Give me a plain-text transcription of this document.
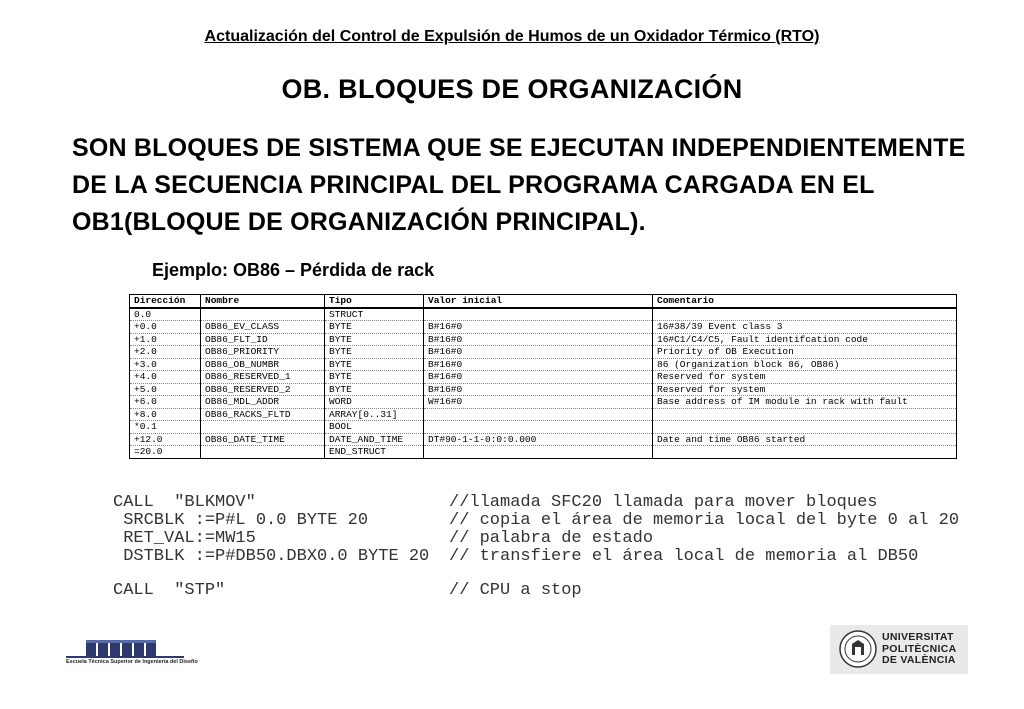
Actualización del Control de Expulsión de Humos de un Oxidador Térmico (RTO)
OB. BLOQUES DE ORGANIZACIÓN
SON BLOQUES DE SISTEMA QUE SE EJECUTAN INDEPENDIENTEMENTE
DE LA SECUENCIA PRINCIPAL DEL PROGRAMA CARGADA EN EL
OB1(BLOQUE DE ORGANIZACIÓN PRINCIPAL).
Ejemplo: OB86 – Pérdida de rack
Dirección	Nombre	Tipo	Valor inicial	Comentario
0.0		STRUCT		
+0.0	OB86_EV_CLASS	BYTE	B#16#0	16#38/39 Event class 3
+1.0	OB86_FLT_ID	BYTE	B#16#0	16#C1/C4/C5, Fault identifcation code
+2.0	OB86_PRIORITY	BYTE	B#16#0	Priority of OB Execution
+3.0	OB86_OB_NUMBR	BYTE	B#16#0	86 (Organization block 86, OB86)
+4.0	OB86_RESERVED_1	BYTE	B#16#0	Reserved for system
+5.0	OB86_RESERVED_2	BYTE	B#16#0	Reserved for system
+6.0	OB86_MDL_ADDR	WORD	W#16#0	Base address of IM module in rack with fault
+8.0	OB86_RACKS_FLTD	ARRAY[0..31]		
*0.1		BOOL		
+12.0	OB86_DATE_TIME	DATE_AND_TIME	DT#90-1-1-0:0:0.000	Date and time OB86 started
=20.0		END_STRUCT		
CALL  "BLKMOV"	//llamada SFC20 llamada para mover bloques
SRCBLK :=P#L 0.0 BYTE 20	// copia el área de memoria local del byte 0 al 20
RET_VAL:=MW15	// palabra de estado
DSTBLK :=P#DB50.DBX0.0 BYTE 20	// transfiere el área local de memoria al DB50
CALL  "STP"	// CPU a stop
Escuela Técnica Superior de Ingeniería del Diseño
UNIVERSITAT
POLITÈCNICA
DE VALÈNCIA
